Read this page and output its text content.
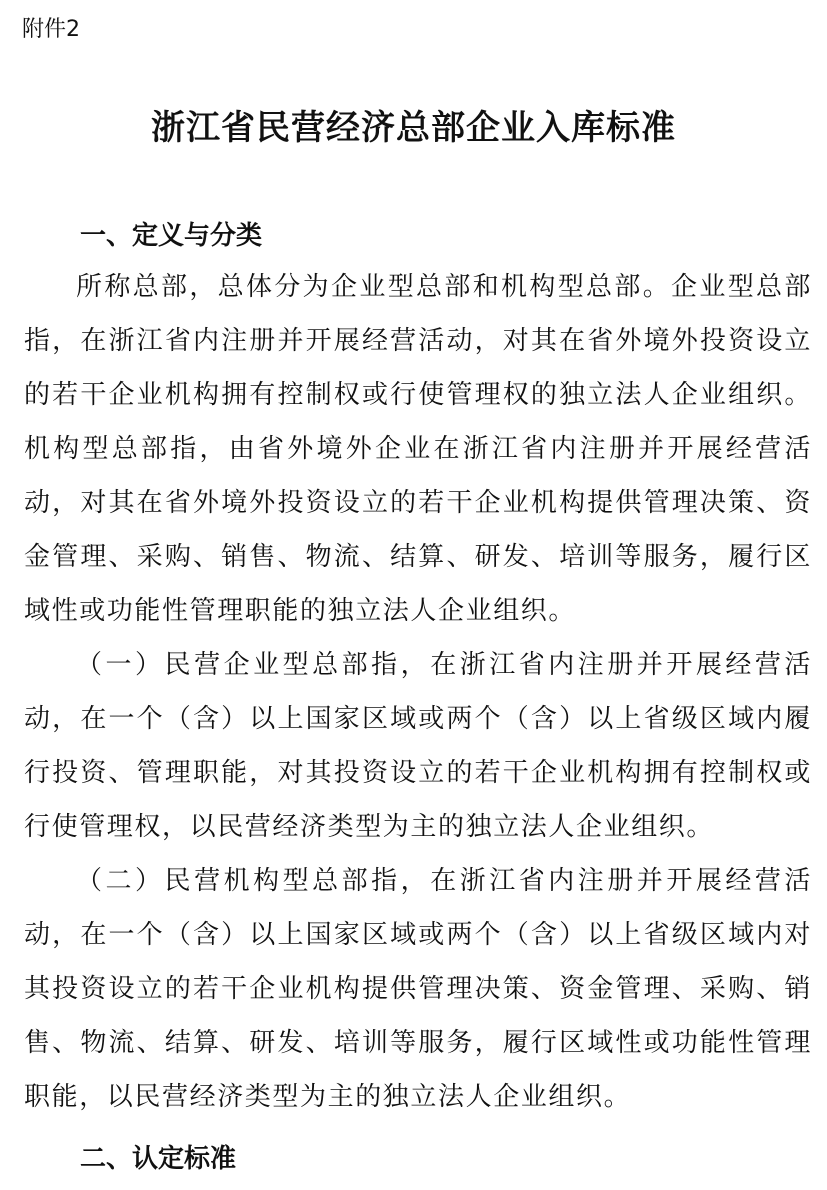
附件2

浙江省民营经济总部企业入库标准
一、定义与分类

所称总部，总体分为企业型总部和机构型总部。企业型总部指，在浙江省内注册并开展经营活动，对其在省外境外投资设立的若干企业机构拥有控制权或行使管理权的独立法人企业组织。机构型总部指，由省外境外企业在浙江省内注册并开展经营活动，对其在省外境外投资设立的若干企业机构提供管理决策、资金管理、采购、销售、物流、结算、研发、培训等服务，履行区域性或功能性管理职能的独立法人企业组织。

（一）民营企业型总部指，在浙江省内注册并开展经营活动，在一个（含）以上国家区域或两个（含）以上省级区域内履行投资、管理职能，对其投资设立的若干企业机构拥有控制权或行使管理权，以民营经济类型为主的独立法人企业组织。

（二）民营机构型总部指，在浙江省内注册并开展经营活动，在一个（含）以上国家区域或两个（含）以上省级区域内对其投资设立的若干企业机构提供管理决策、资金管理、采购、销售、物流、结算、研发、培训等服务，履行区域性或功能性管理职能，以民营经济类型为主的独立法人企业组织。

二、认定标准
